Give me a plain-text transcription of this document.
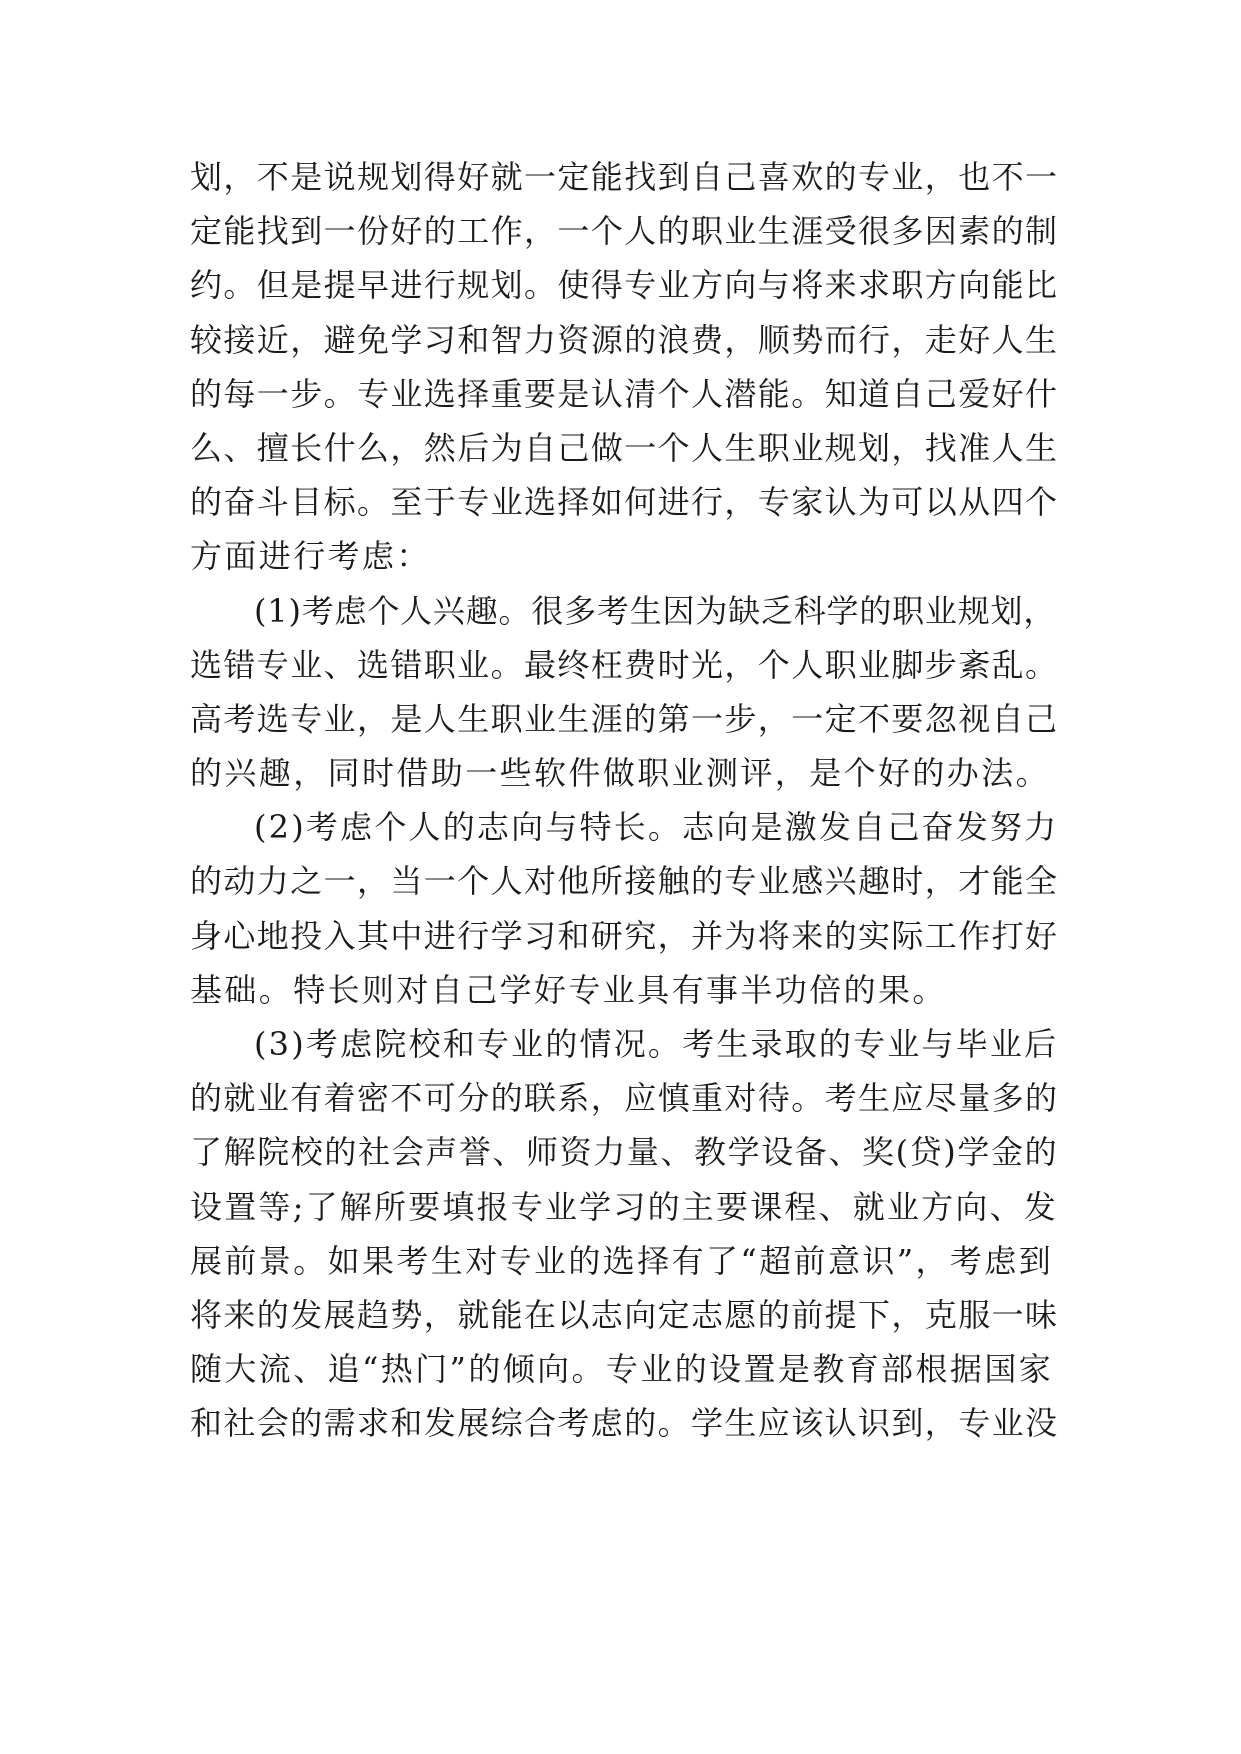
划，不是说规划得好就一定能找到自己喜欢的专业，也不一
定能找到一份好的工作，一个人的职业生涯受很多因素的制
约。但是提早进行规划。使得专业方向与将来求职方向能比
较接近，避免学习和智力资源的浪费，顺势而行，走好人生
的每一步。专业选择重要是认清个人潜能。知道自己爱好什
么、擅长什么，然后为自己做一个人生职业规划，找准人生
的奋斗目标。至于专业选择如何进行，专家认为可以从四个
方面进行考虑：
(1)考虑个人兴趣。很多考生因为缺乏科学的职业规划，
选错专业、选错职业。最终枉费时光，个人职业脚步紊乱。
高考选专业，是人生职业生涯的第一步，一定不要忽视自己
的兴趣，同时借助一些软件做职业测评，是个好的办法。
(2)考虑个人的志向与特长。志向是激发自己奋发努力
的动力之一，当一个人对他所接触的专业感兴趣时，才能全
身心地投入其中进行学习和研究，并为将来的实际工作打好
基础。特长则对自己学好专业具有事半功倍的果。
(3)考虑院校和专业的情况。考生录取的专业与毕业后
的就业有着密不可分的联系，应慎重对待。考生应尽量多的
了解院校的社会声誉、师资力量、教学设备、奖(贷)学金的
设置等;了解所要填报专业学习的主要课程、就业方向、发
展前景。如果考生对专业的选择有了“超前意识”，考虑到
将来的发展趋势，就能在以志向定志愿的前提下，克服一味
随大流、追“热门”的倾向。专业的设置是教育部根据国家
和社会的需求和发展综合考虑的。学生应该认识到，专业没
